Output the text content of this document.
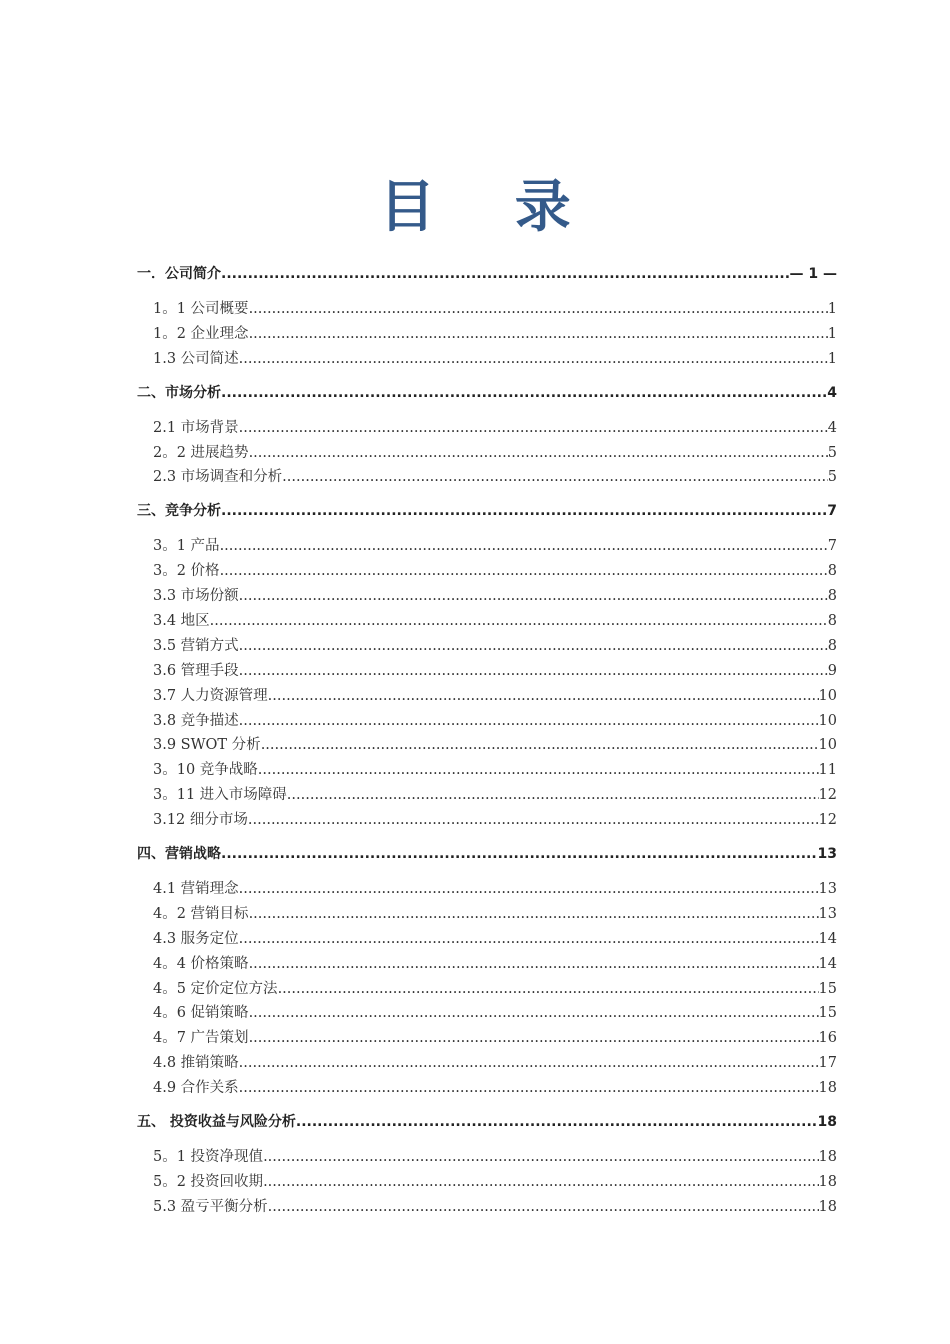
目 录
一．公司简介 .....	— 1 —
1。1 公司概要 .....	1
1。2 企业理念 .....	1
1.3 公司简述 .....	1
二、市场分析 .....	4
2.1 市场背景 .....	4
2。2 进展趋势 .....	5
2.3 市场调查和分析 .....	5
三、竞争分析 .....	7
3。1 产品 .....	7
3。2 价格 .....	8
3.3 市场份额 .....	8
3.4 地区 .....	8
3.5 营销方式 .....	8
3.6 管理手段 .....	9
3.7 人力资源管理 .....	10
3.8 竞争描述 .....	10
3.9 SWOT 分析 .....	10
3。10 竞争战略 .....	11
3。11 进入市场障碍 .....	12
3.12 细分市场 .....	12
四、营销战略 .....	13
4.1 营销理念 .....	13
4。2 营销目标 .....	13
4.3 服务定位 .....	14
4。4 价格策略 .....	14
4。5 定价定位方法 .....	15
4。6 促销策略 .....	15
4。7 广告策划 .....	16
4.8 推销策略 .....	17
4.9 合作关系 .....	18
五、 投资收益与风险分析 .....	18
5。1 投资净现值 .....	18
5。2 投资回收期 .....	18
5.3 盈亏平衡分析 .....	18
